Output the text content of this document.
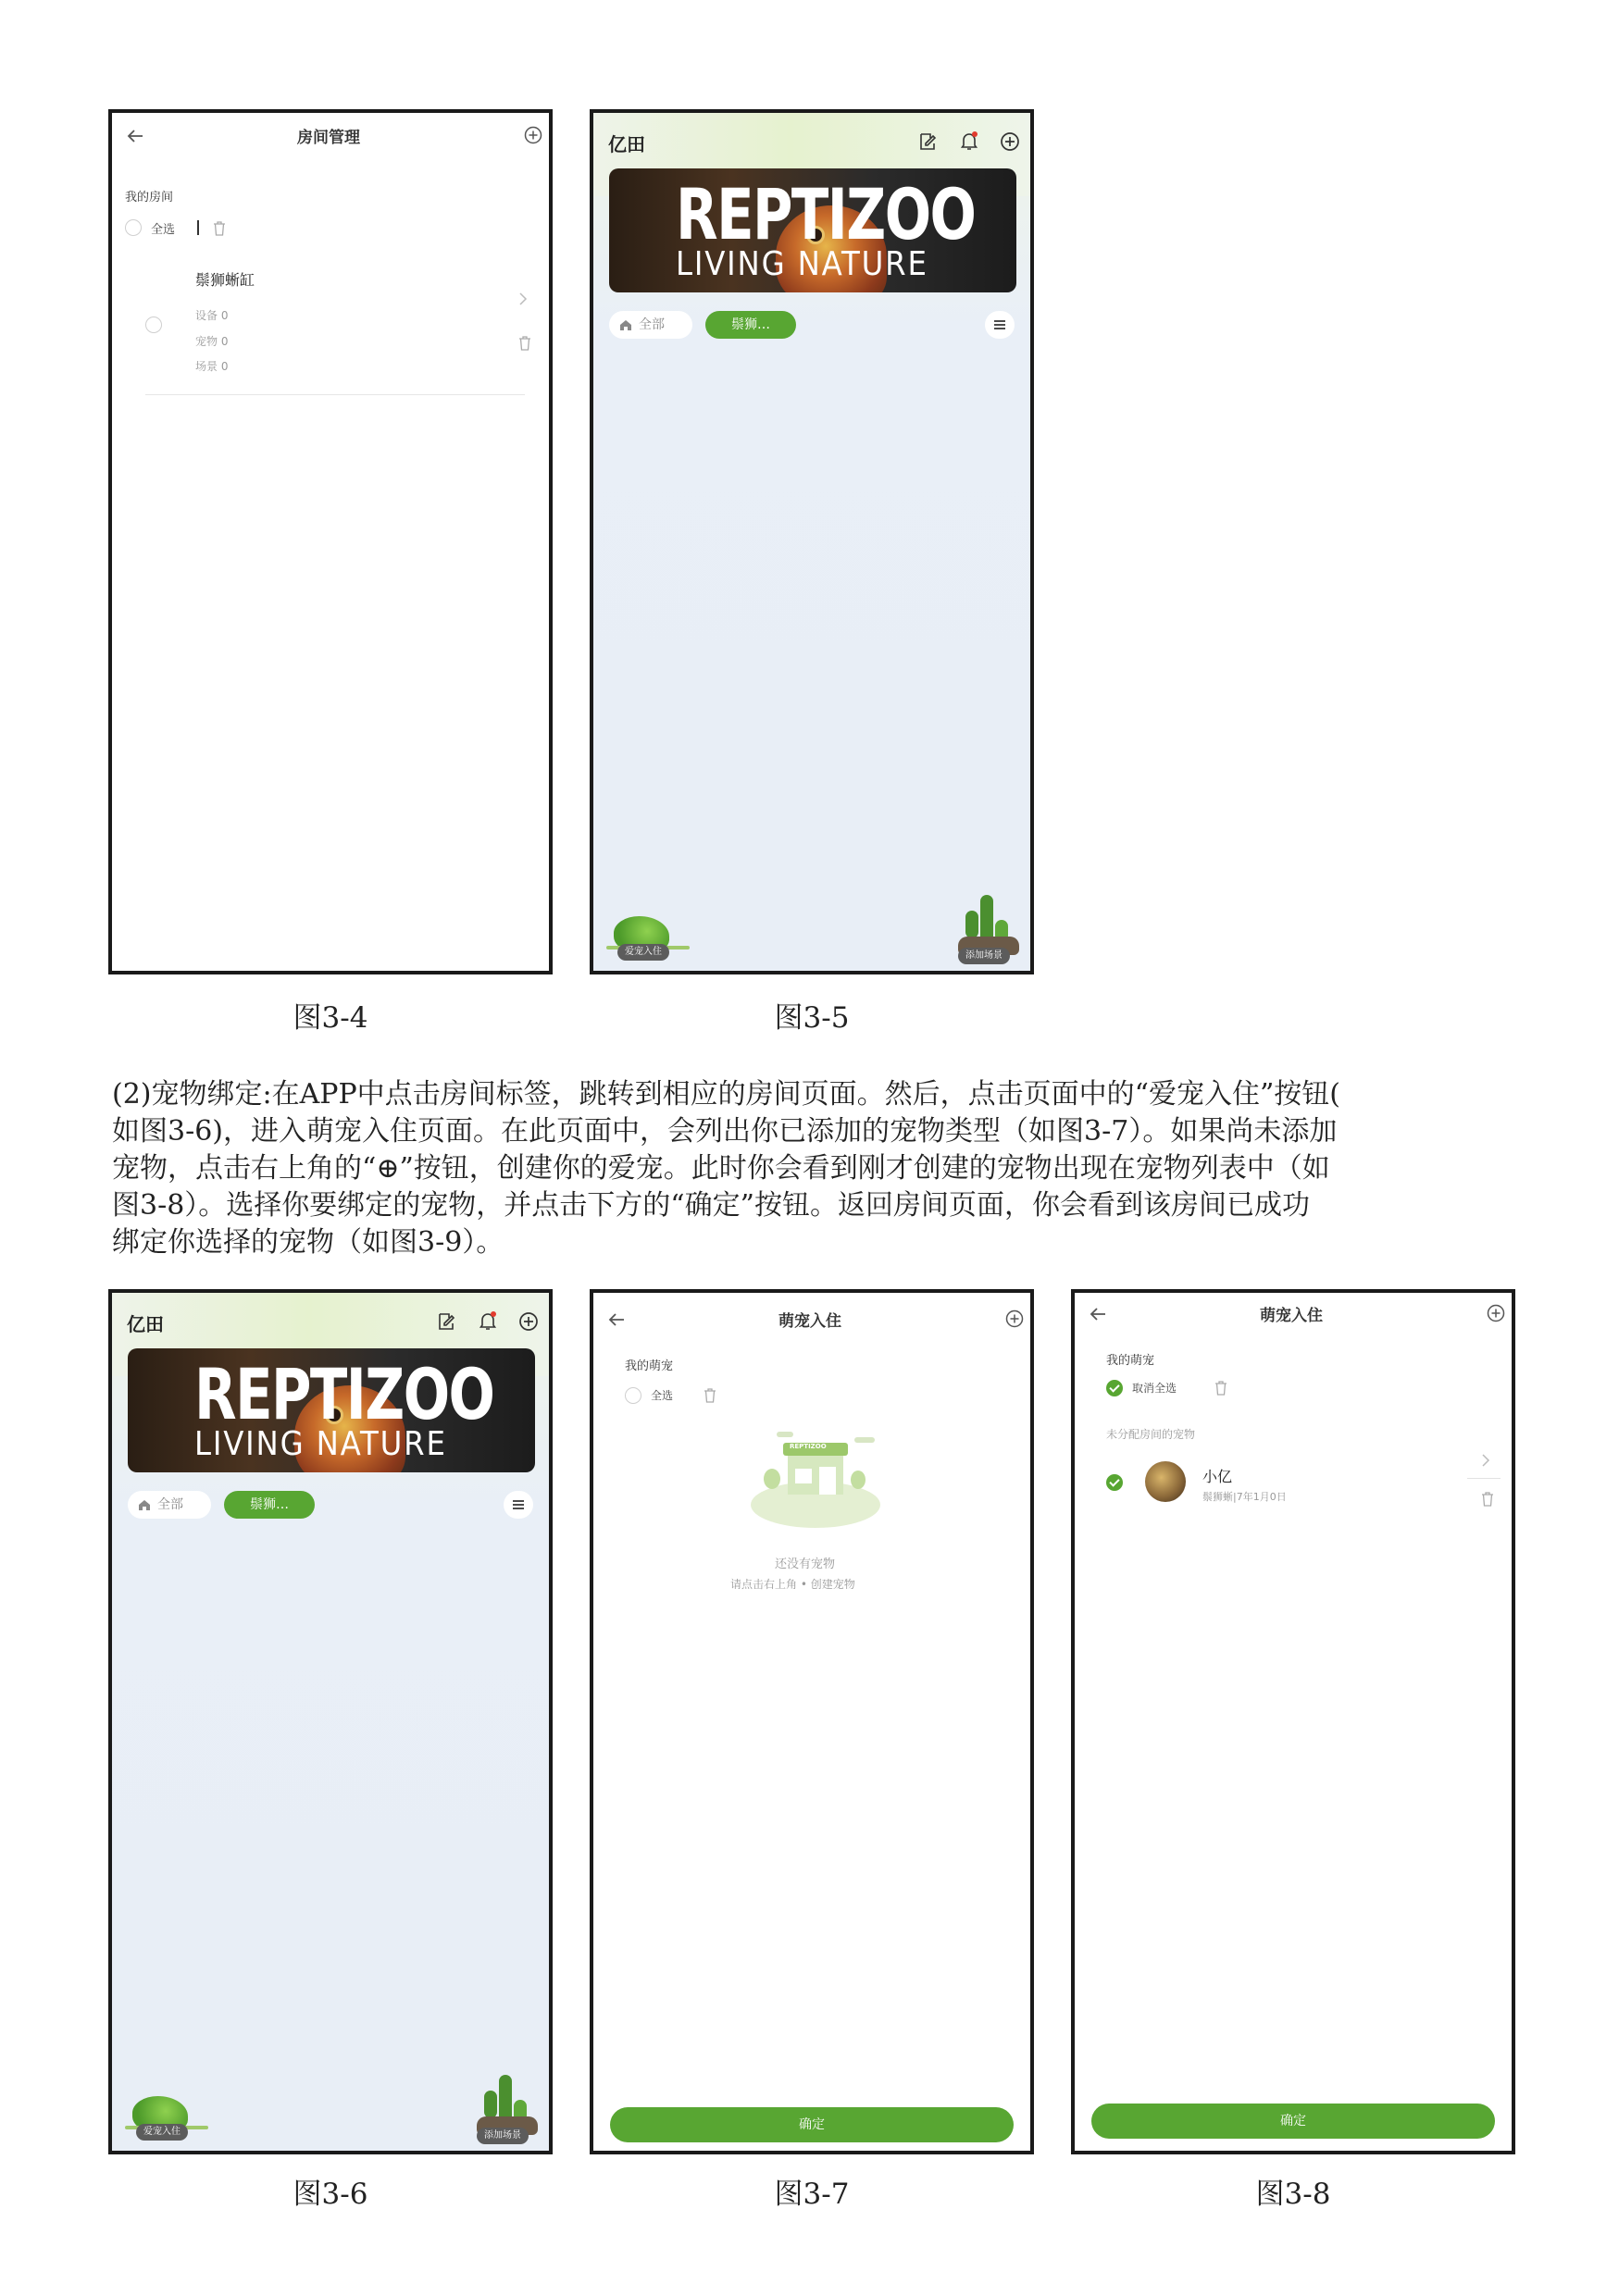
房间管理
我的房间
全选
鬃狮蜥缸
设备 0
宠物 0
场景 0
亿田
REPTIZOO
LIVING NATURE
全部	鬃狮…
爱宠入住	添加场景
图3-4	图3-5
(2)宠物绑定:在APP中点击房间标签，跳转到相应的房间页面。然后，点击页面中的“爱宠入住”按钮(
如图3-6)，进入萌宠入住页面。在此页面中，会列出你已添加的宠物类型（如图3-7）。如果尚未添加
宠物，点击右上角的“⊕”按钮，创建你的爱宠。此时你会看到刚才创建的宠物出现在宠物列表中（如
图3-8）。选择你要绑定的宠物，并点击下方的“确定”按钮。返回房间页面，你会看到该房间已成功
绑定你选择的宠物（如图3-9）。
亿田
REPTIZOO
LIVING NATURE
全部	鬃狮…
爱宠入住	添加场景
萌宠入住
我的萌宠
全选
REPTIZOO
还没有宠物
请点击右上角 • 创建宠物
确定
萌宠入住
我的萌宠
取消全选
未分配房间的宠物
小亿
鬃狮蜥|7年1月0日
确定
图3-6	图3-7	图3-8
